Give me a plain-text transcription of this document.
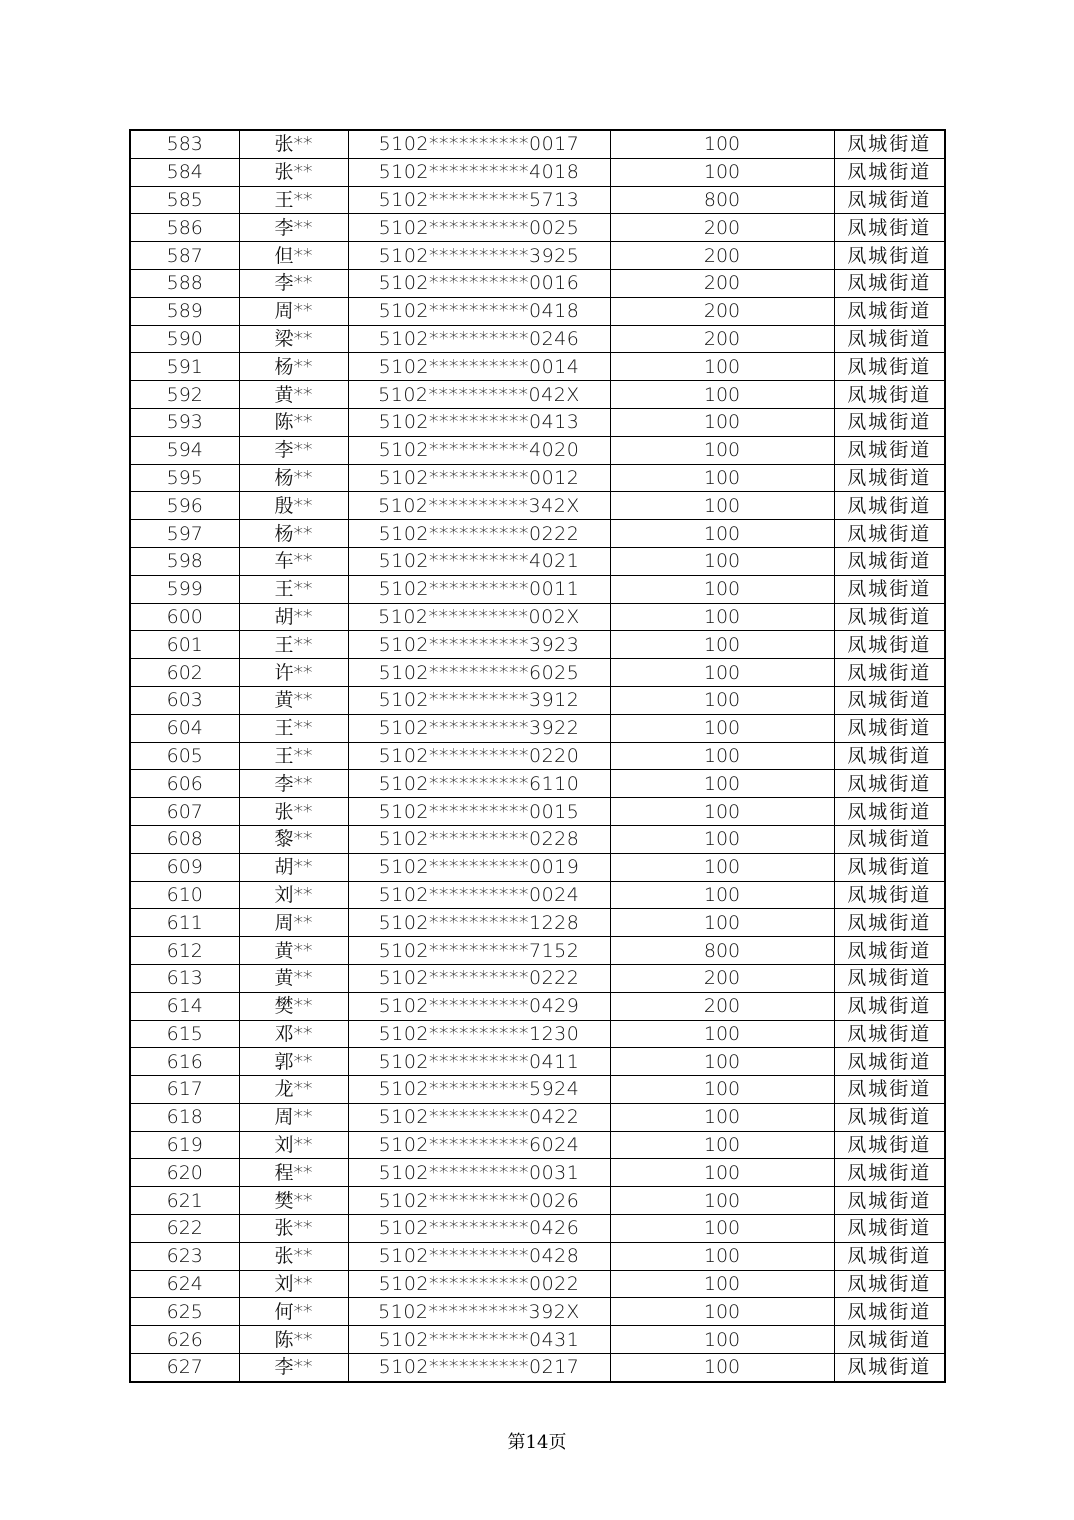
583	张**	5102**********0017	100	凤城街道
584	张**	5102**********4018	100	凤城街道
585	王**	5102**********5713	800	凤城街道
586	李**	5102**********0025	200	凤城街道
587	但**	5102**********3925	200	凤城街道
588	李**	5102**********0016	200	凤城街道
589	周**	5102**********0418	200	凤城街道
590	梁**	5102**********0246	200	凤城街道
591	杨**	5102**********0014	100	凤城街道
592	黄**	5102**********042X	100	凤城街道
593	陈**	5102**********0413	100	凤城街道
594	李**	5102**********4020	100	凤城街道
595	杨**	5102**********0012	100	凤城街道
596	殷**	5102**********342X	100	凤城街道
597	杨**	5102**********0222	100	凤城街道
598	车**	5102**********4021	100	凤城街道
599	王**	5102**********0011	100	凤城街道
600	胡**	5102**********002X	100	凤城街道
601	王**	5102**********3923	100	凤城街道
602	许**	5102**********6025	100	凤城街道
603	黄**	5102**********3912	100	凤城街道
604	王**	5102**********3922	100	凤城街道
605	王**	5102**********0220	100	凤城街道
606	李**	5102**********6110	100	凤城街道
607	张**	5102**********0015	100	凤城街道
608	黎**	5102**********0228	100	凤城街道
609	胡**	5102**********0019	100	凤城街道
610	刘**	5102**********0024	100	凤城街道
611	周**	5102**********1228	100	凤城街道
612	黄**	5102**********7152	800	凤城街道
613	黄**	5102**********0222	200	凤城街道
614	樊**	5102**********0429	200	凤城街道
615	邓**	5102**********1230	100	凤城街道
616	郭**	5102**********0411	100	凤城街道
617	龙**	5102**********5924	100	凤城街道
618	周**	5102**********0422	100	凤城街道
619	刘**	5102**********6024	100	凤城街道
620	程**	5102**********0031	100	凤城街道
621	樊**	5102**********0026	100	凤城街道
622	张**	5102**********0426	100	凤城街道
623	张**	5102**********0428	100	凤城街道
624	刘**	5102**********0022	100	凤城街道
625	何**	5102**********392X	100	凤城街道
626	陈**	5102**********0431	100	凤城街道
627	李**	5102**********0217	100	凤城街道
第14页
